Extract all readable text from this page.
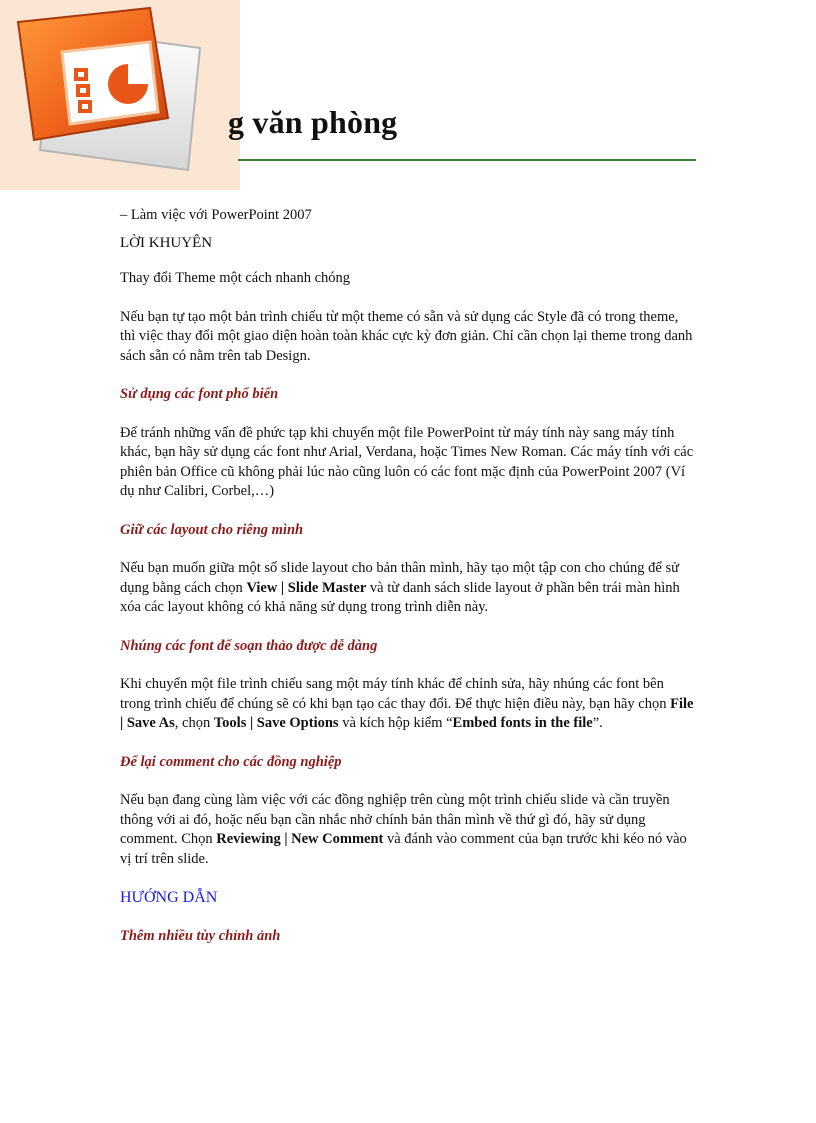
g văn phòng

– Làm việc với PowerPoint 2007

LỜI KHUYÊN

Thay đổi Theme một cách nhanh chóng

Nếu bạn tự tạo một bản trình chiếu từ một theme có sẵn và sử dụng các Style đã có trong theme, thì việc thay đổi một giao diện hoàn toàn khác cực kỳ đơn giản. Chỉ cần chọn lại theme trong danh sách sẵn có nằm trên tab Design.

Sử dụng các font phổ biến

Để tránh những vấn đề phức tạp khi chuyển một file PowerPoint từ máy tính này sang máy tính khác, bạn hãy sử dụng các font như Arial, Verdana, hoặc Times New Roman. Các máy tính với các phiên bản Office cũ không phải lúc nào cũng luôn có các font mặc định của PowerPoint 2007 (Ví dụ như Calibri, Corbel,…)

Giữ các layout cho riêng mình

Nếu bạn muốn giữa một số slide layout cho bản thân mình, hãy tạo một tập con cho chúng để sử dụng bằng cách chọn View | Slide Master và từ danh sách slide layout ở phần bên trái màn hình xóa các layout không có khả năng sử dụng trong trình diễn này.

Nhúng các font để soạn thảo được dễ dàng

Khi chuyển một file trình chiếu sang một máy tính khác để chỉnh sửa, hãy nhúng các font bên trong trình chiếu để chúng sẽ có khi bạn tạo các thay đổi. Để thực hiện điều này, bạn hãy chọn File | Save As, chọn Tools | Save Options và kích hộp kiểm “Embed fonts in the file”.

Để lại comment cho các đồng nghiệp

Nếu bạn đang cùng làm việc với các đồng nghiệp trên cùng một trình chiếu slide và cần truyền thông với ai đó, hoặc nếu bạn cần nhắc nhở chính bản thân mình về thứ gì đó, hãy sử dụng comment. Chọn Reviewing | New Comment và đánh vào comment của bạn trước khi kéo nó vào vị trí trên slide.

HƯỚNG DẪN

Thêm nhiều tùy chỉnh ảnh
